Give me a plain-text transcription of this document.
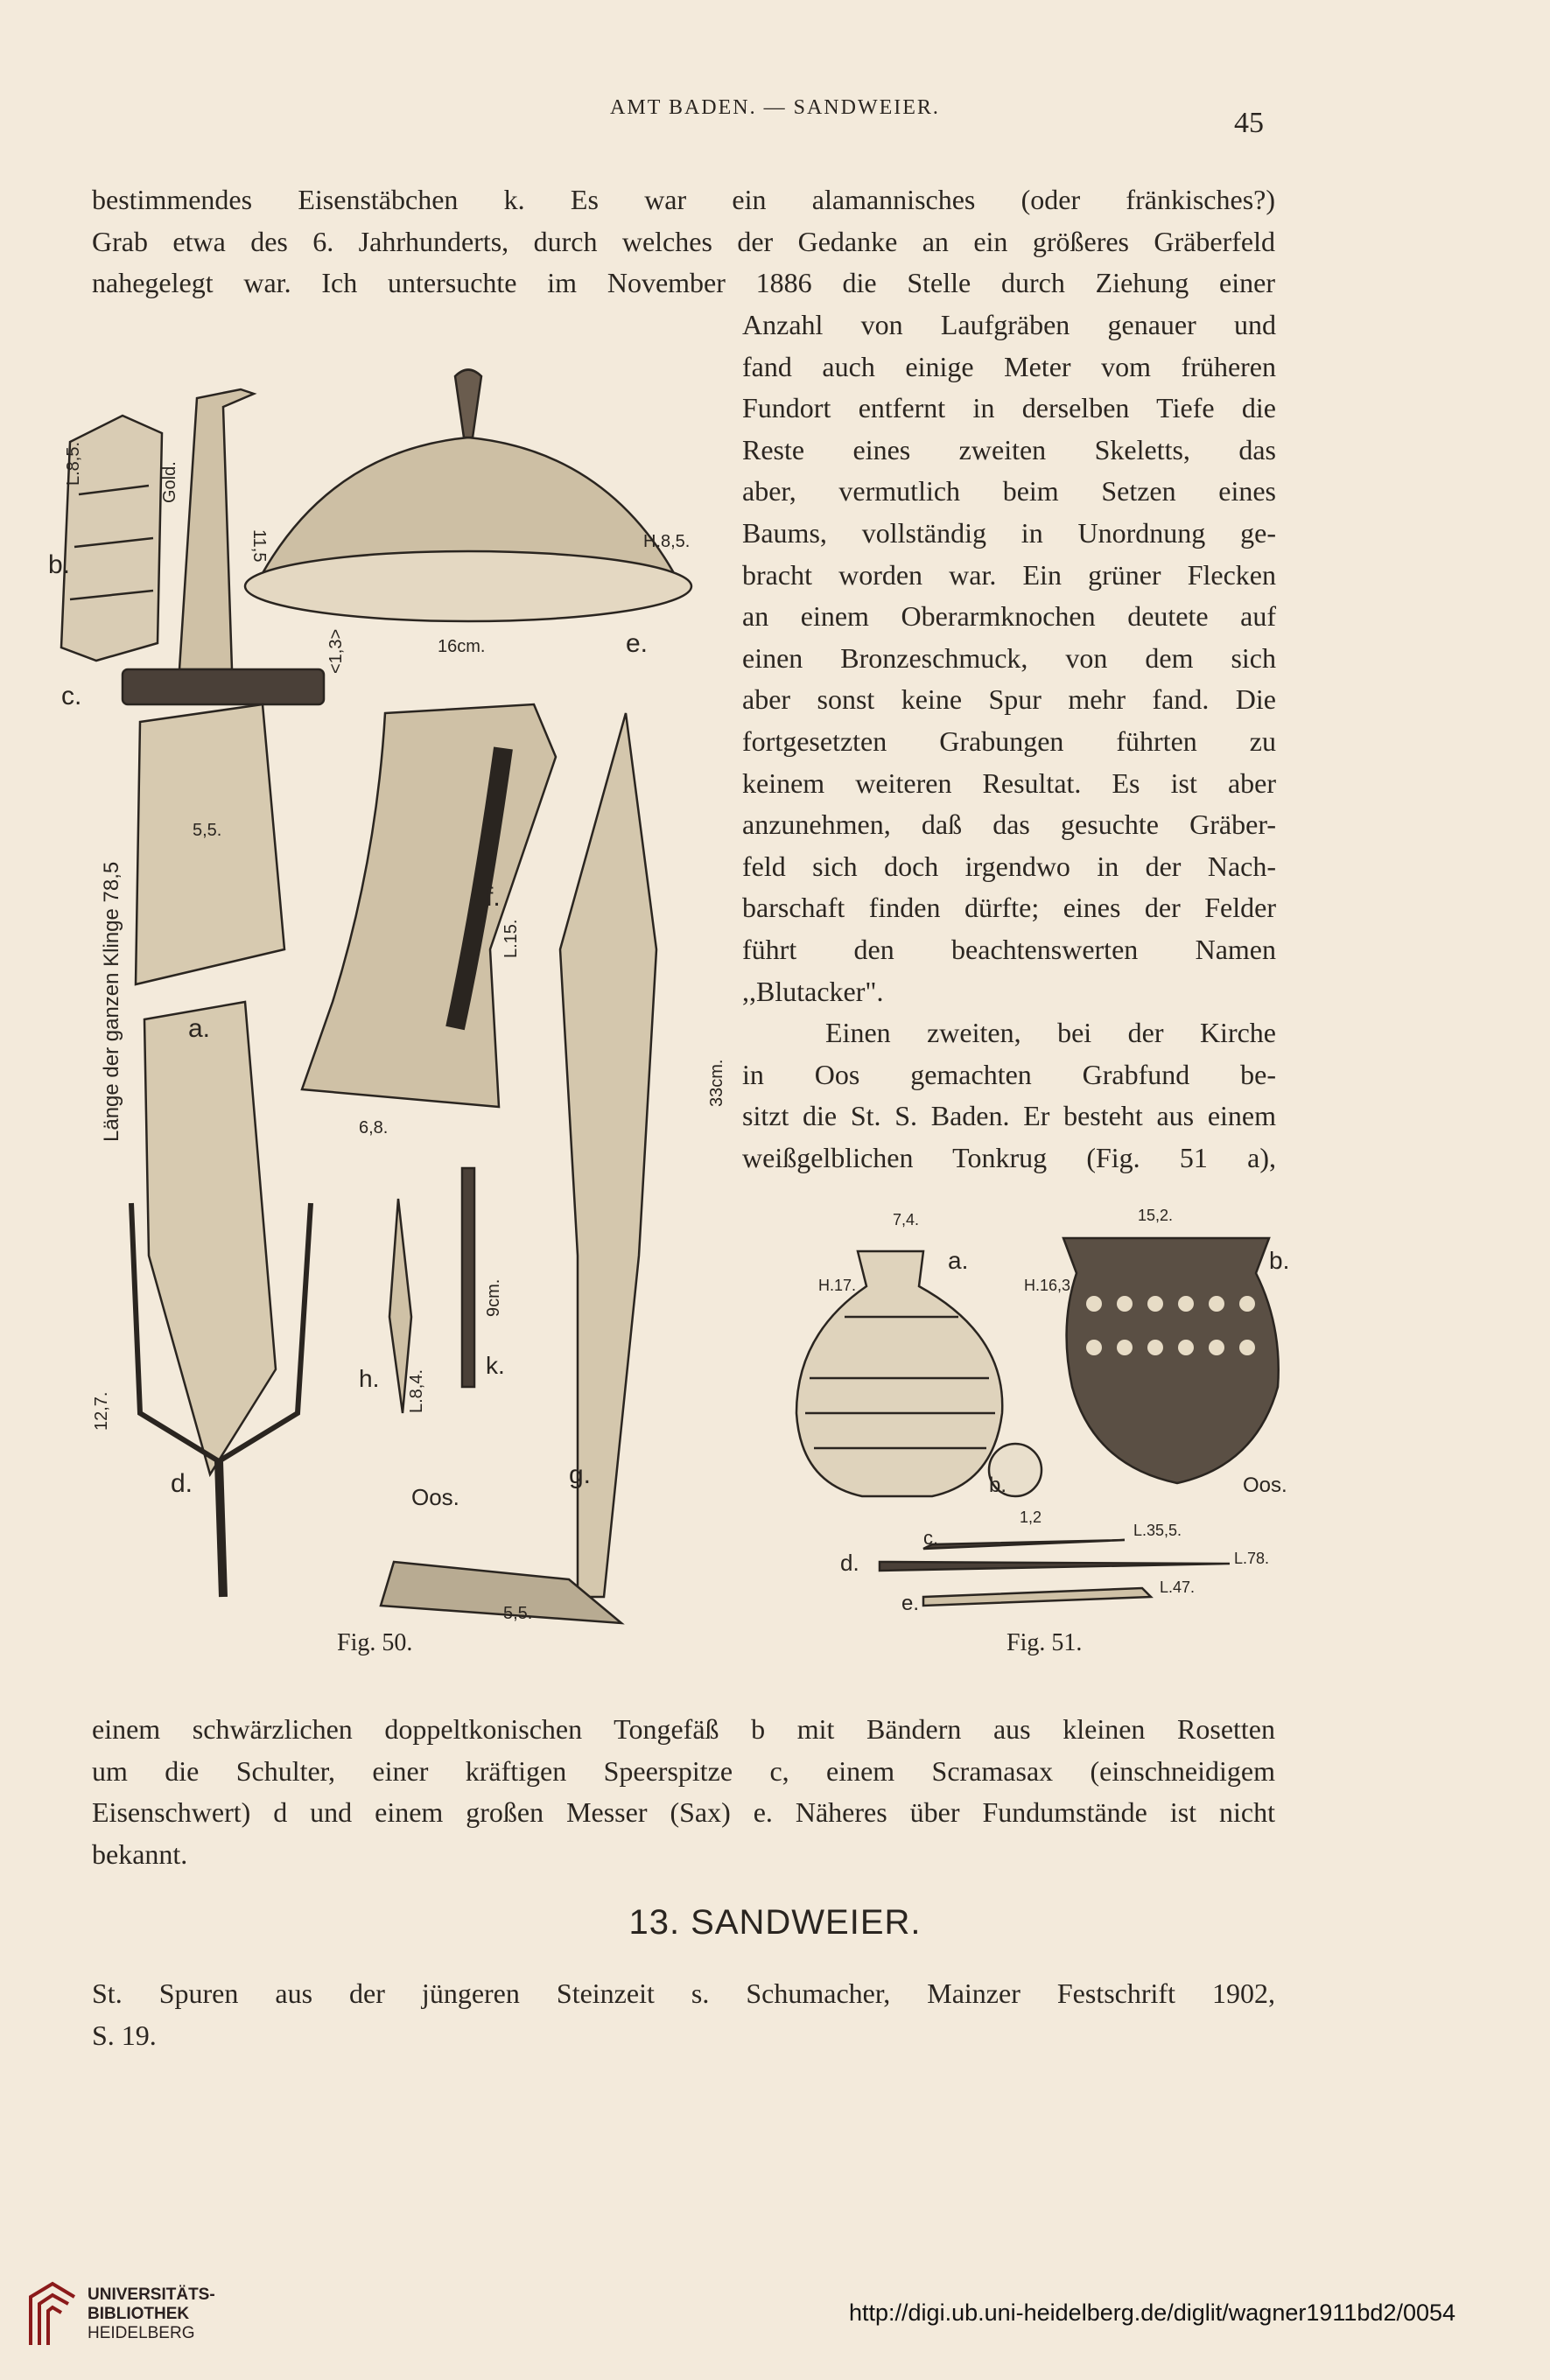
AMT BADEN. — SANDWEIER.	45
bestimmendes Eisenstäbchen k. Es war ein alamannisches (oder fränkisches?)
Grab etwa des 6. Jahrhunderts, durch welches der Gedanke an ein größeres Gräberfeld
nahegelegt war. Ich untersuchte im November 1886 die Stelle durch Ziehung einer
Anzahl von Laufgräben genauer und
fand auch einige Meter vom früheren
Fundort entfernt in derselben Tiefe die
Reste eines zweiten Skeletts, das
aber, vermutlich beim Setzen eines
Baums, vollständig in Unordnung ge-
bracht worden war. Ein grüner Flecken
an einem Oberarmknochen deutete auf
einen Bronzeschmuck, von dem sich
aber sonst keine Spur mehr fand. Die
fortgesetzten Grabungen führten zu
keinem weiteren Resultat. Es ist aber
anzunehmen, daß das gesuchte Gräber-
feld sich doch irgendwo in der Nach-
barschaft finden dürfte; eines der Felder
führt den beachtenswerten Namen
,,Blutacker".
Einen zweiten, bei der Kirche
in Oos gemachten Grabfund be-
sitzt die St. S. Baden. Er besteht aus einem
weißgelblichen Tonkrug (Fig. 51 a),
L.8,5.	Gold.
b.
11,5
c.
<1,3>
5,5.
Länge der ganzen Klinge 78,5 a.
12,7.
d.
H.8,5.
16cm.	e.
f.
L.15.
6,8.
33cm.
9cm.
h. L.8,4.
k.
Oos.
g.
5,5.
Fig. 50.
7,4.
a.
H.17.
15,2.
b.
H.16,3
b.
1,2
Oos.
c.	L.35,5.
d.	L.78.
e.
L.47.
Fig. 51.
einem schwärzlichen doppeltkonischen Tongefäß b mit Bändern aus kleinen Rosetten
um die Schulter, einer kräftigen Speerspitze c, einem Scramasax (einschneidigem
Eisenschwert) d und einem großen Messer (Sax) e. Näheres über Fundumstände ist nicht
bekannt.
13. SANDWEIER.
St. Spuren aus der jüngeren Steinzeit s. Schumacher, Mainzer Festschrift 1902,
S. 19.
UNIVERSITÄTS-
BIBLIOTHEK
HEIDELBERG
http://digi.ub.uni-heidelberg.de/diglit/wagner1911bd2/0054
